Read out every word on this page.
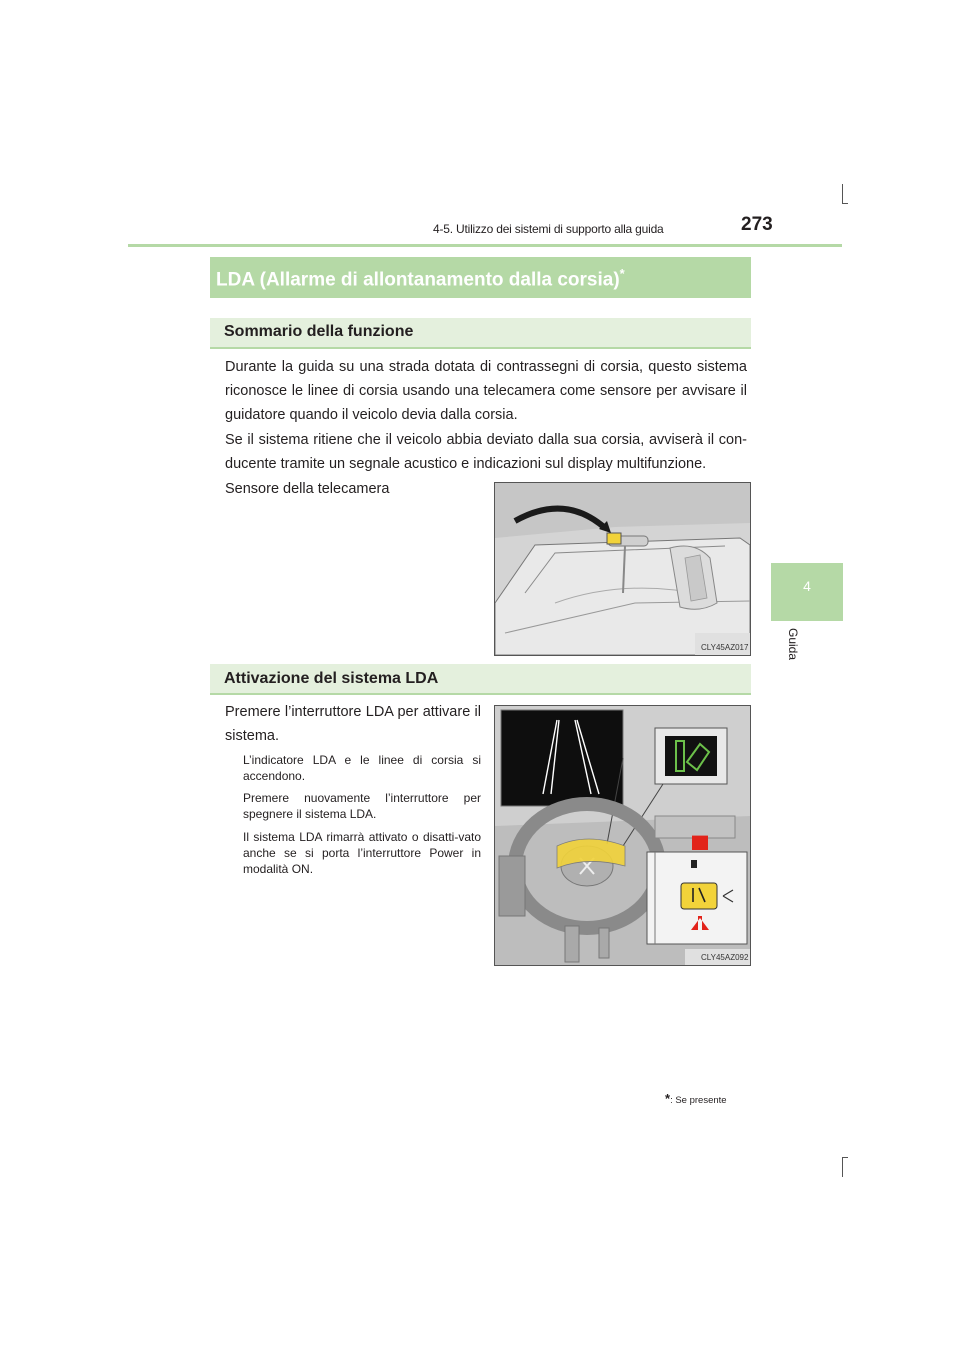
4-5. Utilizzo dei sistemi di supporto alla guida	273
4
Guida
LDA (Allarme di allontanamento dalla corsia)*
Sommario della funzione
Durante la guida su una strada dotata di contrassegni di corsia, questo sistema riconosce le linee di corsia usando una telecamera come sensore per avvisare il guidatore quando il veicolo devia dalla corsia.
Se il sistema ritiene che il veicolo abbia deviato dalla sua corsia, avviserà il con-ducente tramite un segnale acustico e indicazioni sul display multifunzione.
Sensore della telecamera
CLY45AZ017
Attivazione del sistema LDA
Premere l’interruttore LDA per attivare il sistema.
L’indicatore LDA e le linee di corsia si accendono.
Premere nuovamente l’interruttore per spegnere il sistema LDA.
Il sistema LDA rimarrà attivato o disatti-vato anche se si porta l’interruttore Power in modalità ON.
CLY45AZ092
*: Se presente
